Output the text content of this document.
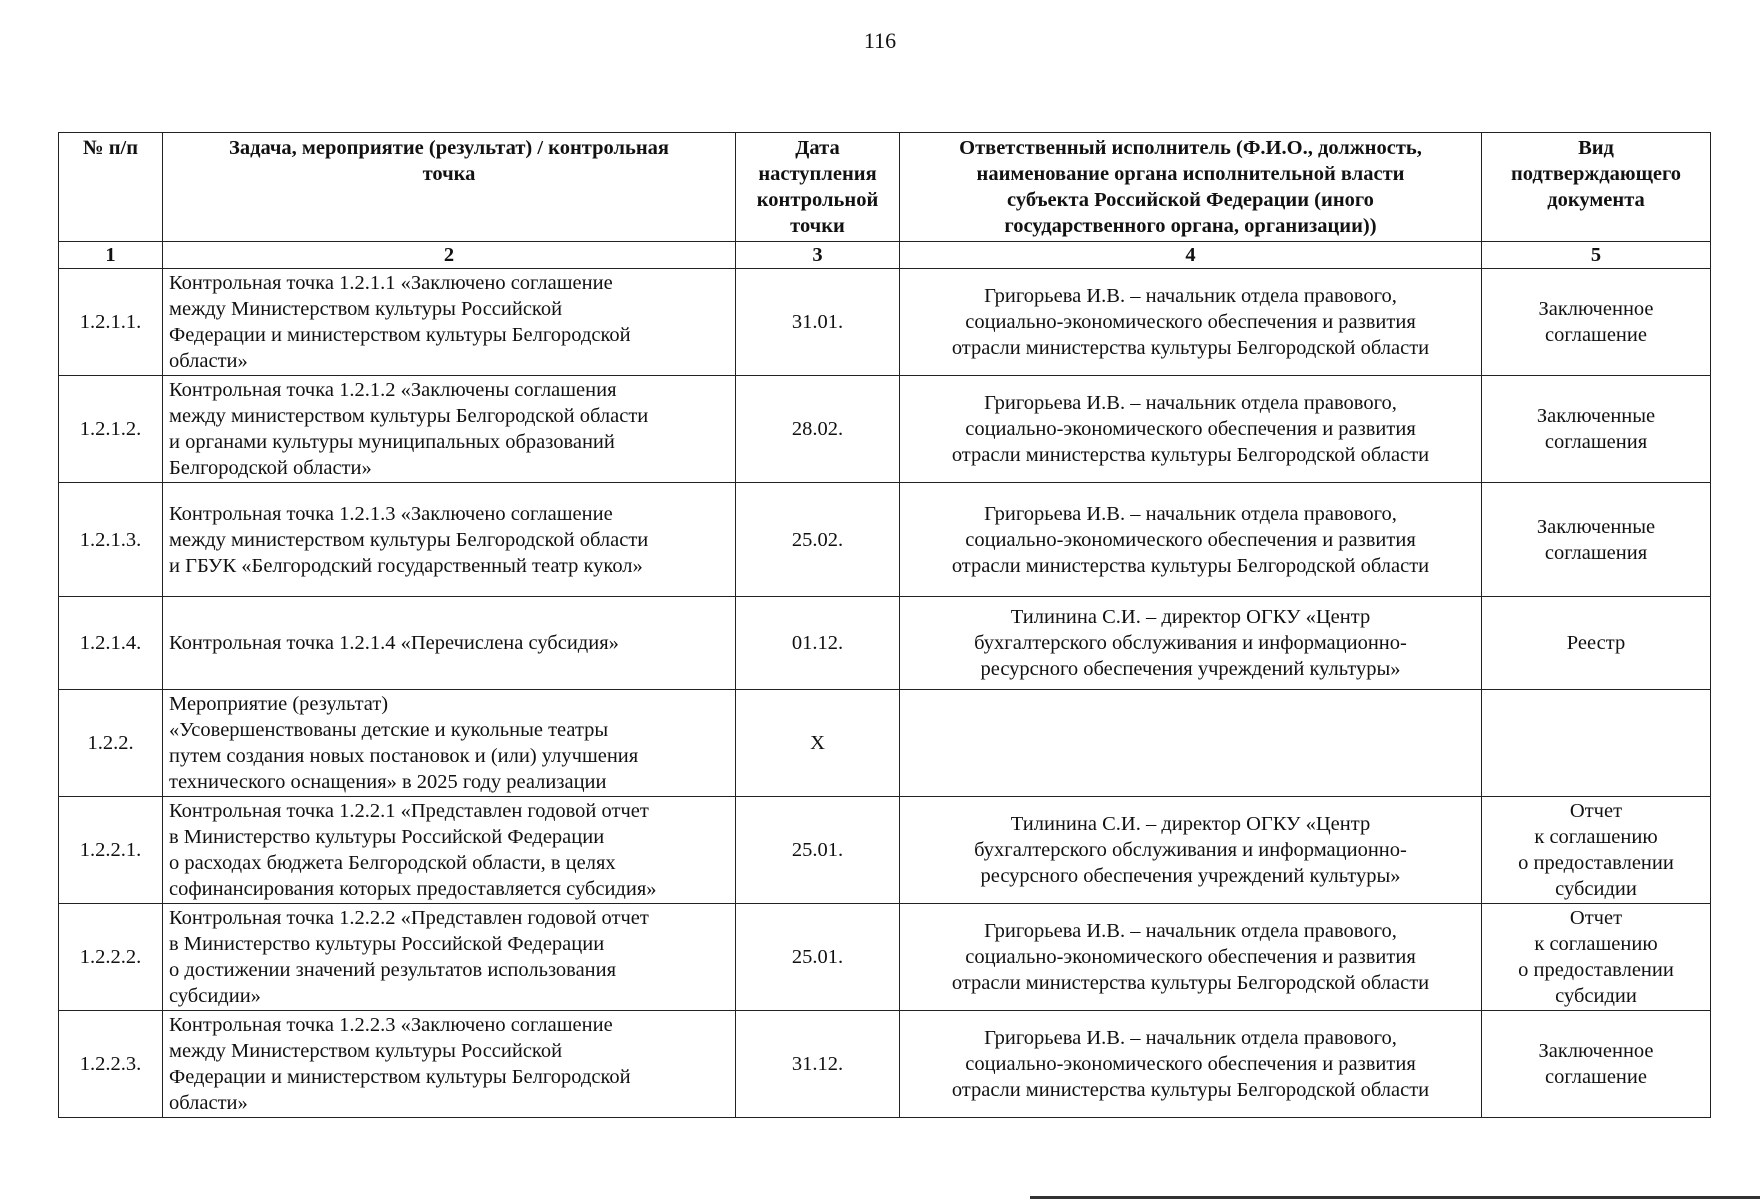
116
№ п/п	Задача, мероприятие (результат) / контрольная
точка	Дата
наступления
контрольной
точки	Ответственный исполнитель (Ф.И.О., должность,
наименование органа исполнительной власти
субъекта Российской Федерации (иного
государственного органа, организации))	Вид
подтверждающего
документа
1	2	3	4	5
1.2.1.1.	Контрольная точка 1.2.1.1 «Заключено соглашение
между Министерством культуры Российской
Федерации и министерством культуры Белгородской
области»	31.01.	Григорьева И.В. – начальник отдела правового,
социально-экономического обеспечения и развития
отрасли министерства культуры Белгородской области	Заключенное
соглашение
1.2.1.2.	Контрольная точка 1.2.1.2 «Заключены соглашения
между министерством культуры Белгородской области
и органами культуры муниципальных образований
Белгородской области»	28.02.	Григорьева И.В. – начальник отдела правового,
социально-экономического обеспечения и развития
отрасли министерства культуры Белгородской области	Заключенные
соглашения
1.2.1.3.	Контрольная точка 1.2.1.3 «Заключено соглашение
между министерством культуры Белгородской области
и ГБУК «Белгородский государственный театр кукол»	25.02.	Григорьева И.В. – начальник отдела правового,
социально-экономического обеспечения и развития
отрасли министерства культуры Белгородской области	Заключенные
соглашения
1.2.1.4.	Контрольная точка 1.2.1.4 «Перечислена субсидия»	01.12.	Тилинина С.И. – директор ОГКУ «Центр
бухгалтерского обслуживания и информационно-
ресурсного обеспечения учреждений культуры»	Реестр
1.2.2.	Мероприятие (результат)
«Усовершенствованы детские и кукольные театры
путем создания новых постановок и (или) улучшения
технического оснащения» в 2025 году реализации	Х		
1.2.2.1.	Контрольная точка 1.2.2.1 «Представлен годовой отчет
в Министерство культуры Российской Федерации
о расходах бюджета Белгородской области, в целях
софинансирования которых предоставляется субсидия»	25.01.	Тилинина С.И. – директор ОГКУ «Центр
бухгалтерского обслуживания и информационно-
ресурсного обеспечения учреждений культуры»	Отчет
к соглашению
о предоставлении
субсидии
1.2.2.2.	Контрольная точка 1.2.2.2 «Представлен годовой отчет
в Министерство культуры Российской Федерации
о достижении значений результатов использования
субсидии»	25.01.	Григорьева И.В. – начальник отдела правового,
социально-экономического обеспечения и развития
отрасли министерства культуры Белгородской области	Отчет
к соглашению
о предоставлении
субсидии
1.2.2.3.	Контрольная точка 1.2.2.3 «Заключено соглашение
между Министерством культуры Российской
Федерации и министерством культуры Белгородской
области»	31.12.	Григорьева И.В. – начальник отдела правового,
социально-экономического обеспечения и развития
отрасли министерства культуры Белгородской области	Заключенное
соглашение
